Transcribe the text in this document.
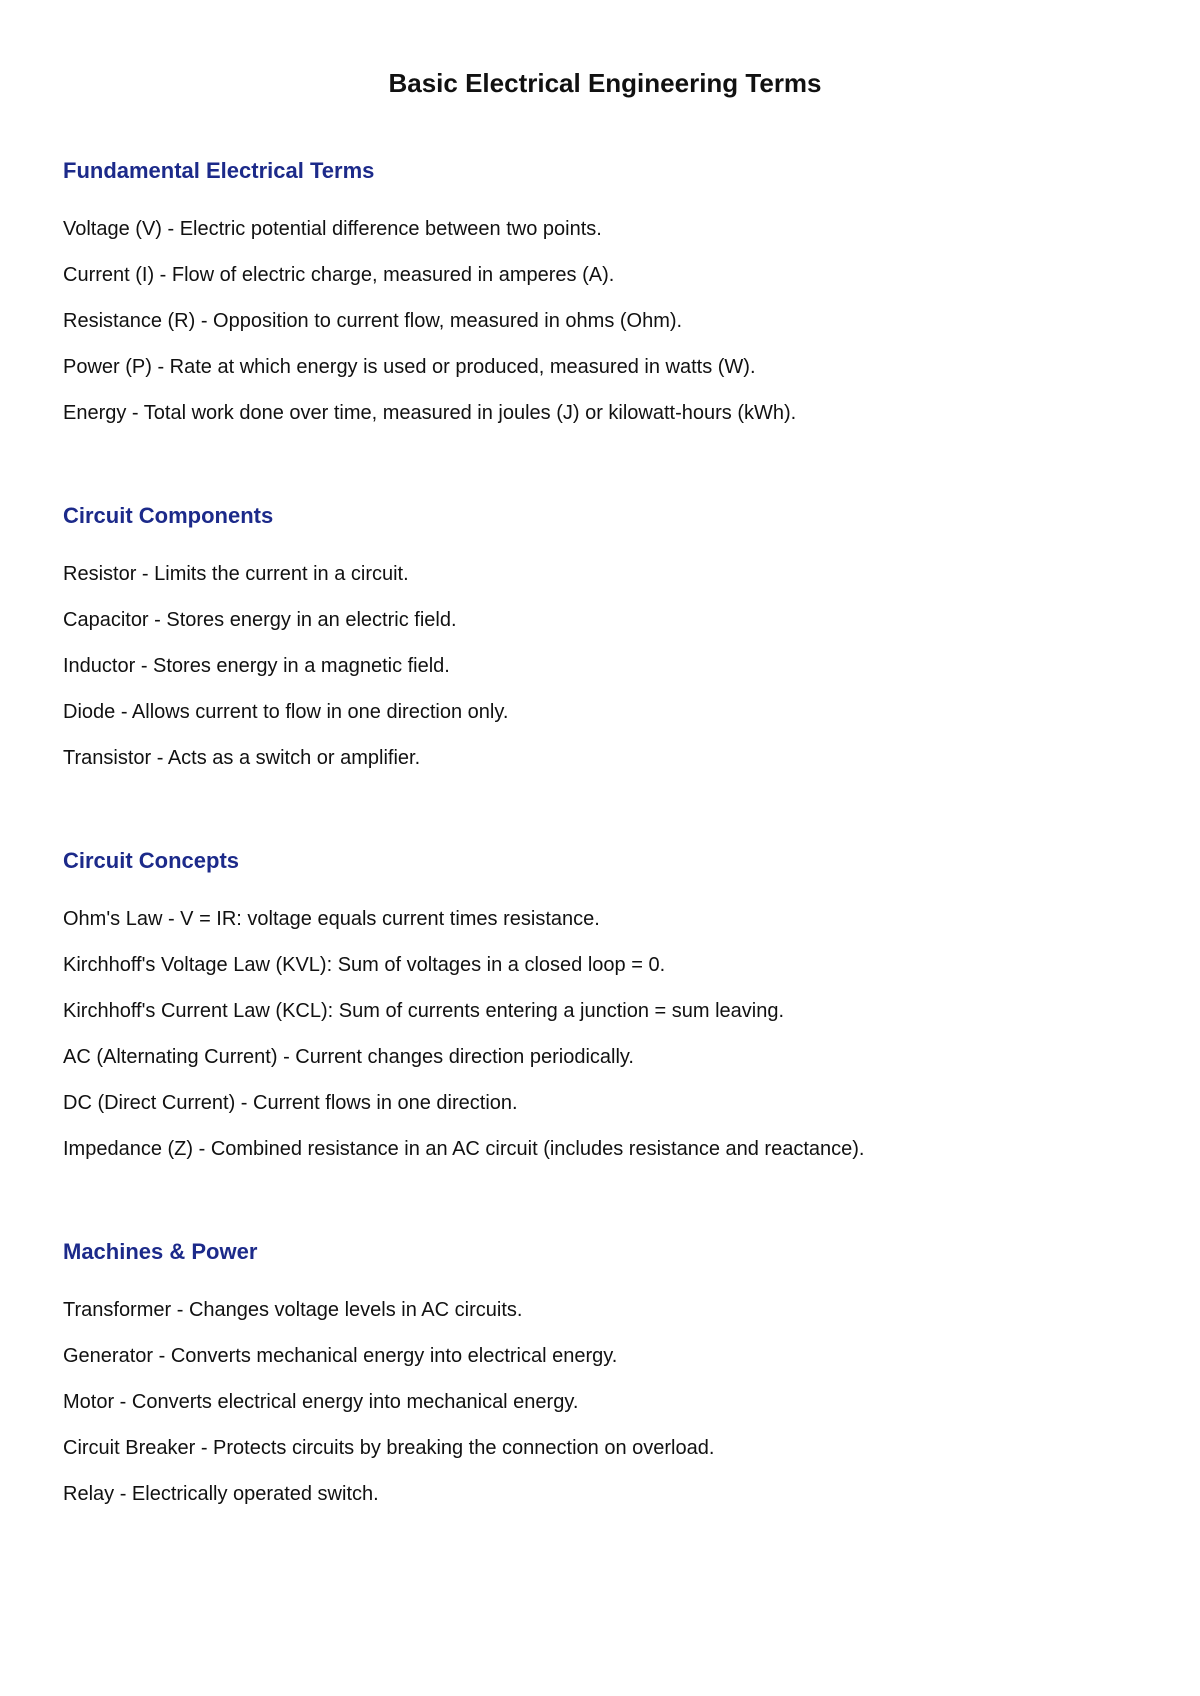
Basic Electrical Engineering Terms
Fundamental Electrical Terms
Voltage (V) - Electric potential difference between two points.
Current (I) - Flow of electric charge, measured in amperes (A).
Resistance (R) - Opposition to current flow, measured in ohms (Ohm).
Power (P) - Rate at which energy is used or produced, measured in watts (W).
Energy - Total work done over time, measured in joules (J) or kilowatt-hours (kWh).
Circuit Components
Resistor - Limits the current in a circuit.
Capacitor - Stores energy in an electric field.
Inductor - Stores energy in a magnetic field.
Diode - Allows current to flow in one direction only.
Transistor - Acts as a switch or amplifier.
Circuit Concepts
Ohm's Law - V = IR: voltage equals current times resistance.
Kirchhoff's Voltage Law (KVL): Sum of voltages in a closed loop = 0.
Kirchhoff's Current Law (KCL): Sum of currents entering a junction = sum leaving.
AC (Alternating Current) - Current changes direction periodically.
DC (Direct Current) - Current flows in one direction.
Impedance (Z) - Combined resistance in an AC circuit (includes resistance and reactance).
Machines & Power
Transformer - Changes voltage levels in AC circuits.
Generator - Converts mechanical energy into electrical energy.
Motor - Converts electrical energy into mechanical energy.
Circuit Breaker - Protects circuits by breaking the connection on overload.
Relay - Electrically operated switch.
